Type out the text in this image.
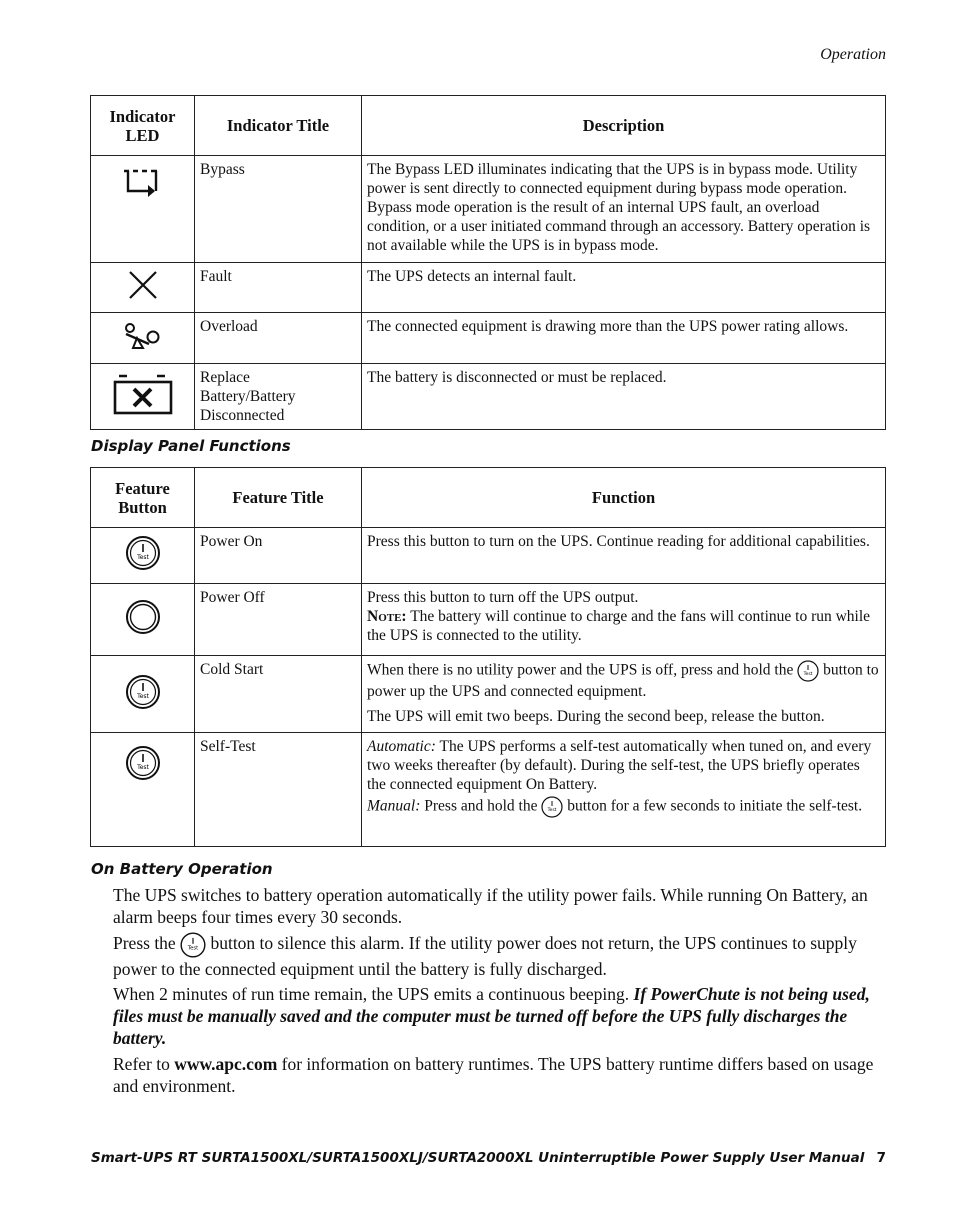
Operation
Indicator LED	Indicator Title	Description
	Bypass	The Bypass LED illuminates indicating that the UPS is in bypass mode. Utility power is sent directly to connected equipment during bypass mode operation. Bypass mode operation is the result of an internal UPS fault, an overload condition, or a user initiated command through an accessory. Battery operation is not available while the UPS is in bypass mode.
	Fault	The UPS detects an internal fault.
	Overload	The connected equipment is drawing more than the UPS power rating allows.
	Replace Battery/Battery Disconnected	The battery is disconnected or must be replaced.
Display Panel Functions
Feature Button	Feature Title	Function

Test	Power On	Press this button to turn on the UPS. Continue reading for additional capabilities.
	Power Off	Press this button to turn off the UPS output.

Note: The battery will continue to charge and the fans will continue to run while the UPS is connected to the utility.

Test	Cold Start	When there is no utility power and the UPS is off, press and hold the Test button to power up the UPS and connected equipment.

The UPS will emit two beeps. During the second beep, release the button.

Test	Self-Test	Automatic: The UPS performs a self-test automatically when tuned on, and every two weeks thereafter (by default). During the self-test, the UPS briefly operates the connected equipment On Battery.

Manual: Press and hold the Test button for a few seconds to initiate the self-test.

On Battery Operation
The UPS switches to battery operation automatically if the utility power fails. While running On Battery, an alarm beeps four times every 30 seconds.
Press the	Test button to silence this alarm. If the utility power does not return, the UPS continues to supply power to the connected equipment until the battery is fully discharged.
When 2 minutes of run time remain, the UPS emits a continuous beeping. If PowerChute is not being used, files must be manually saved and the computer must be turned off before the UPS fully discharges the battery.
Refer to www.apc.com for information on battery runtimes. The UPS battery runtime differs based on usage and environment.
Smart-UPS RT SURTA1500XL/SURTA1500XLJ/SURTA2000XL Uninterruptible Power Supply User Manual 7
